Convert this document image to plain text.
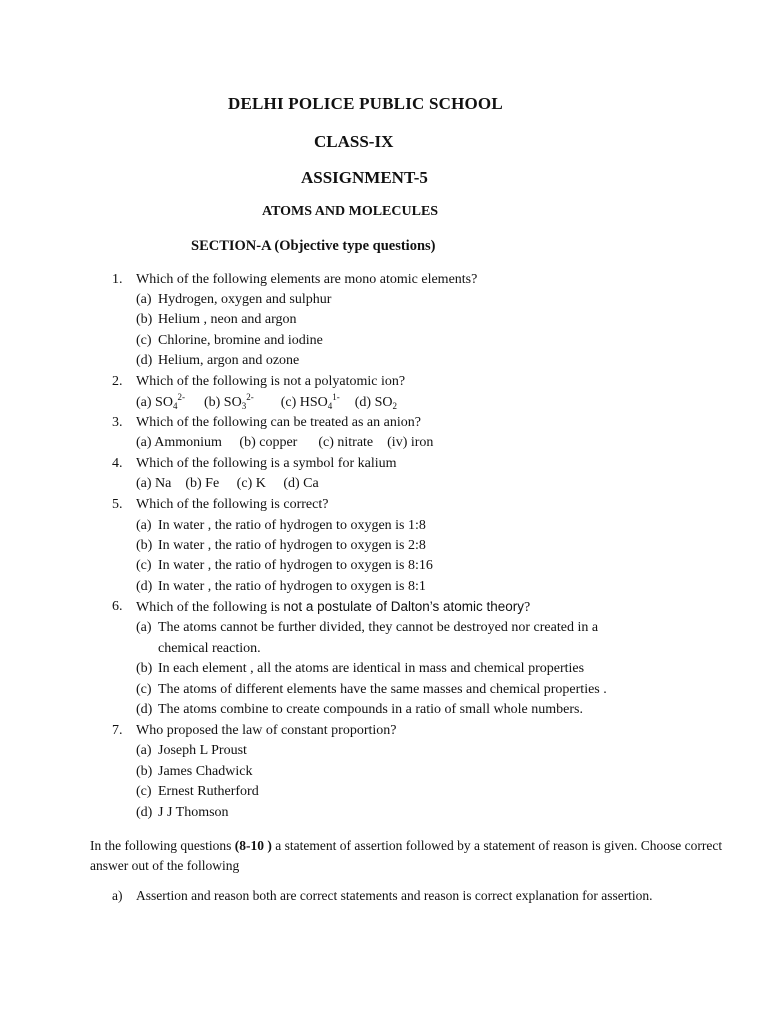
DELHI POLICE PUBLIC SCHOOL
CLASS-IX
ASSIGNMENT-5
ATOMS AND MOLECULES
SECTION-A (Objective type questions)
1. Which of the following elements are mono atomic elements?
(a) Hydrogen, oxygen and sulphur
(b) Helium , neon and argon
(c) Chlorine, bromine and iodine
(d) Helium, argon and ozone
2. Which of the following is not a polyatomic ion?
(a) $SO_4^{2-}$ (b) $SO_3^{2-}$ (c) $HSO_4^{1-}$ (d) $SO_2$
3. Which of the following can be treated as an anion?
(a) Ammonium     (b) copper      (c) nitrate    (iv) iron
4. Which of the following is a symbol for kalium
(a) Na    (b) Fe     (c) K     (d) Ca
5. Which of the following is correct?
(a) In water , the ratio of hydrogen to oxygen is 1:8
(b) In water , the ratio of hydrogen to oxygen is 2:8
(c) In water , the ratio of hydrogen to oxygen is 8:16
(d) In water , the ratio of hydrogen to oxygen is 8:1
6. Which of the following is not a postulate of Dalton’s atomic theory?
(a) The atoms cannot be further divided, they cannot be destroyed nor created in a
chemical reaction.
(b) In each element , all the atoms are identical in mass and chemical properties
(c) The atoms of different elements have the same masses and chemical properties .
(d) The atoms combine to create compounds in a ratio of small whole numbers.
7. Who proposed the law of constant proportion?
(a) Joseph L Proust
(b) James Chadwick
(c) Ernest Rutherford
(d) J J Thomson
In the following questions (8-10 ) a statement of assertion followed by a statement of reason is given. Choose correct answer out of the following
a) Assertion and reason both are correct statements and reason is correct explanation for assertion.
